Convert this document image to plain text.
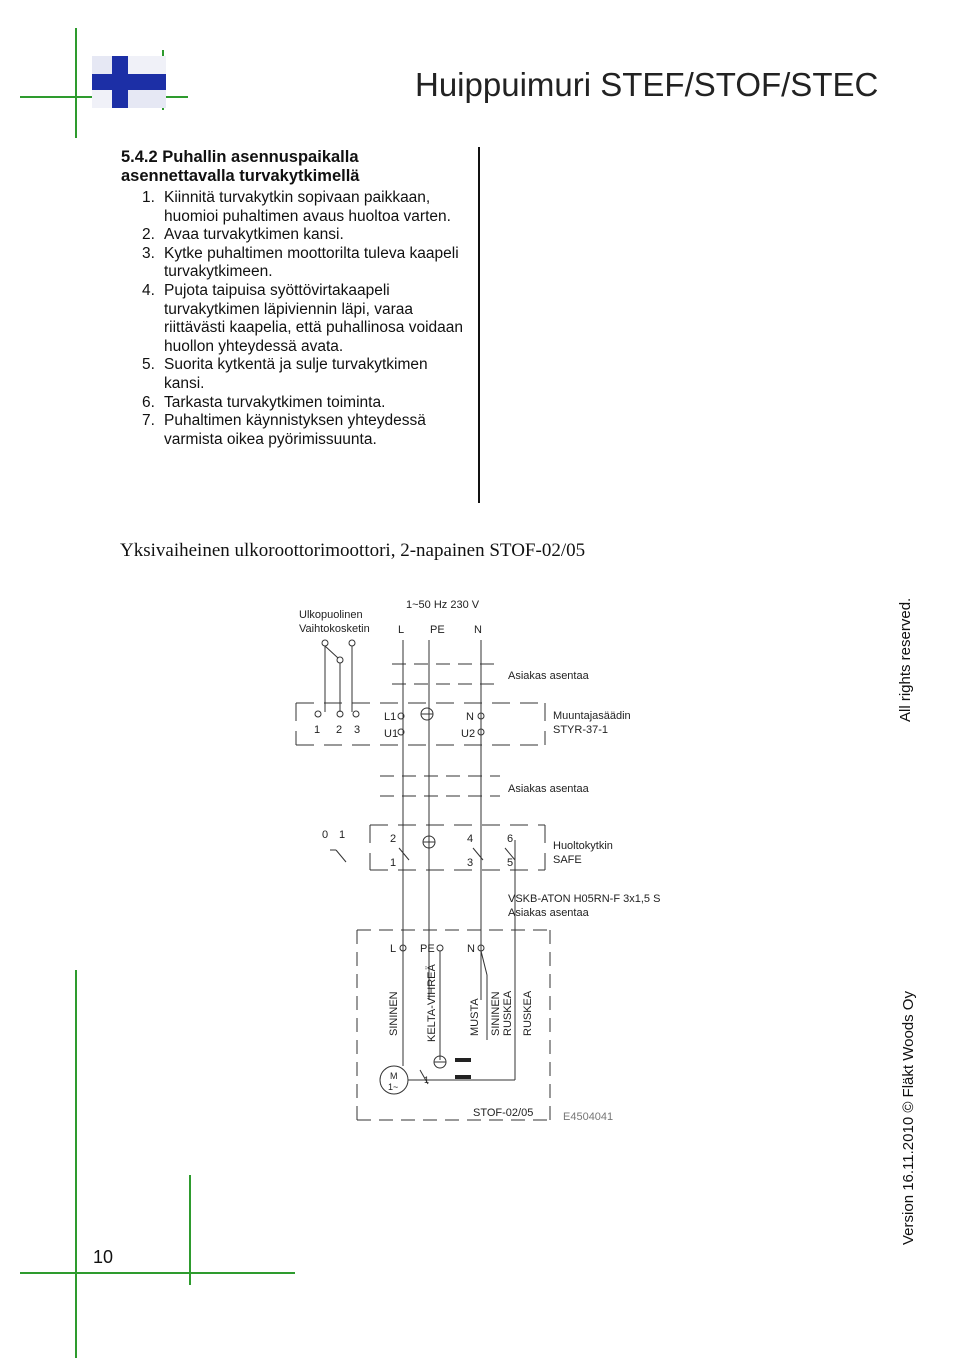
Huippuimuri STEF/STOF/STEC
5.4.2 Puhallin asennuspaikalla asennettavalla turvakytkimellä
1. Kiinnitä turvakytkin sopivaan paikkaan, huomioi puhaltimen avaus huoltoa varten.
2. Avaa turvakytkimen kansi.
3. Kytke puhaltimen moottorilta tuleva kaapeli turvakytkimeen.
4. Pujota taipuisa syöttövirtakaapeli turvakytkimen läpiviennin läpi, varaa riittävästi kaapelia, että puhallinosa voidaan huollon yhteydessä avata.
5. Suorita kytkentä ja sulje turvakytkimen kansi.
6. Tarkasta turvakytkimen toiminta.
7. Puhaltimen käynnistyksen yhteydessä varmista oikea pyörimissuunta.
Yksivaiheinen ulkoroottorimoottori, 2-napainen STOF-02/05
1~50 Hz 230 V
Ulkopuolinen
Vaihtokosketin	L PE	N
Asiakas asentaa
1 2 3
L1
U1
N
U2
Muuntajasäädin
STYR-37-1
Asiakas asentaa
0 1	2	4	6
1	3	5
Huoltokytkin
SAFE
VSKB-ATON H05RN-F 3x1,5 S
Asiakas asentaa
L PE	N
SININEN KELTA-VIHREÄ	MUSTA SININEN RUSKEA RUSKEA
M
1~
1
STOF-02/05	E4504041
All rights reserved.
Version 16.11.2010 © Fläkt Woods Oy
10
